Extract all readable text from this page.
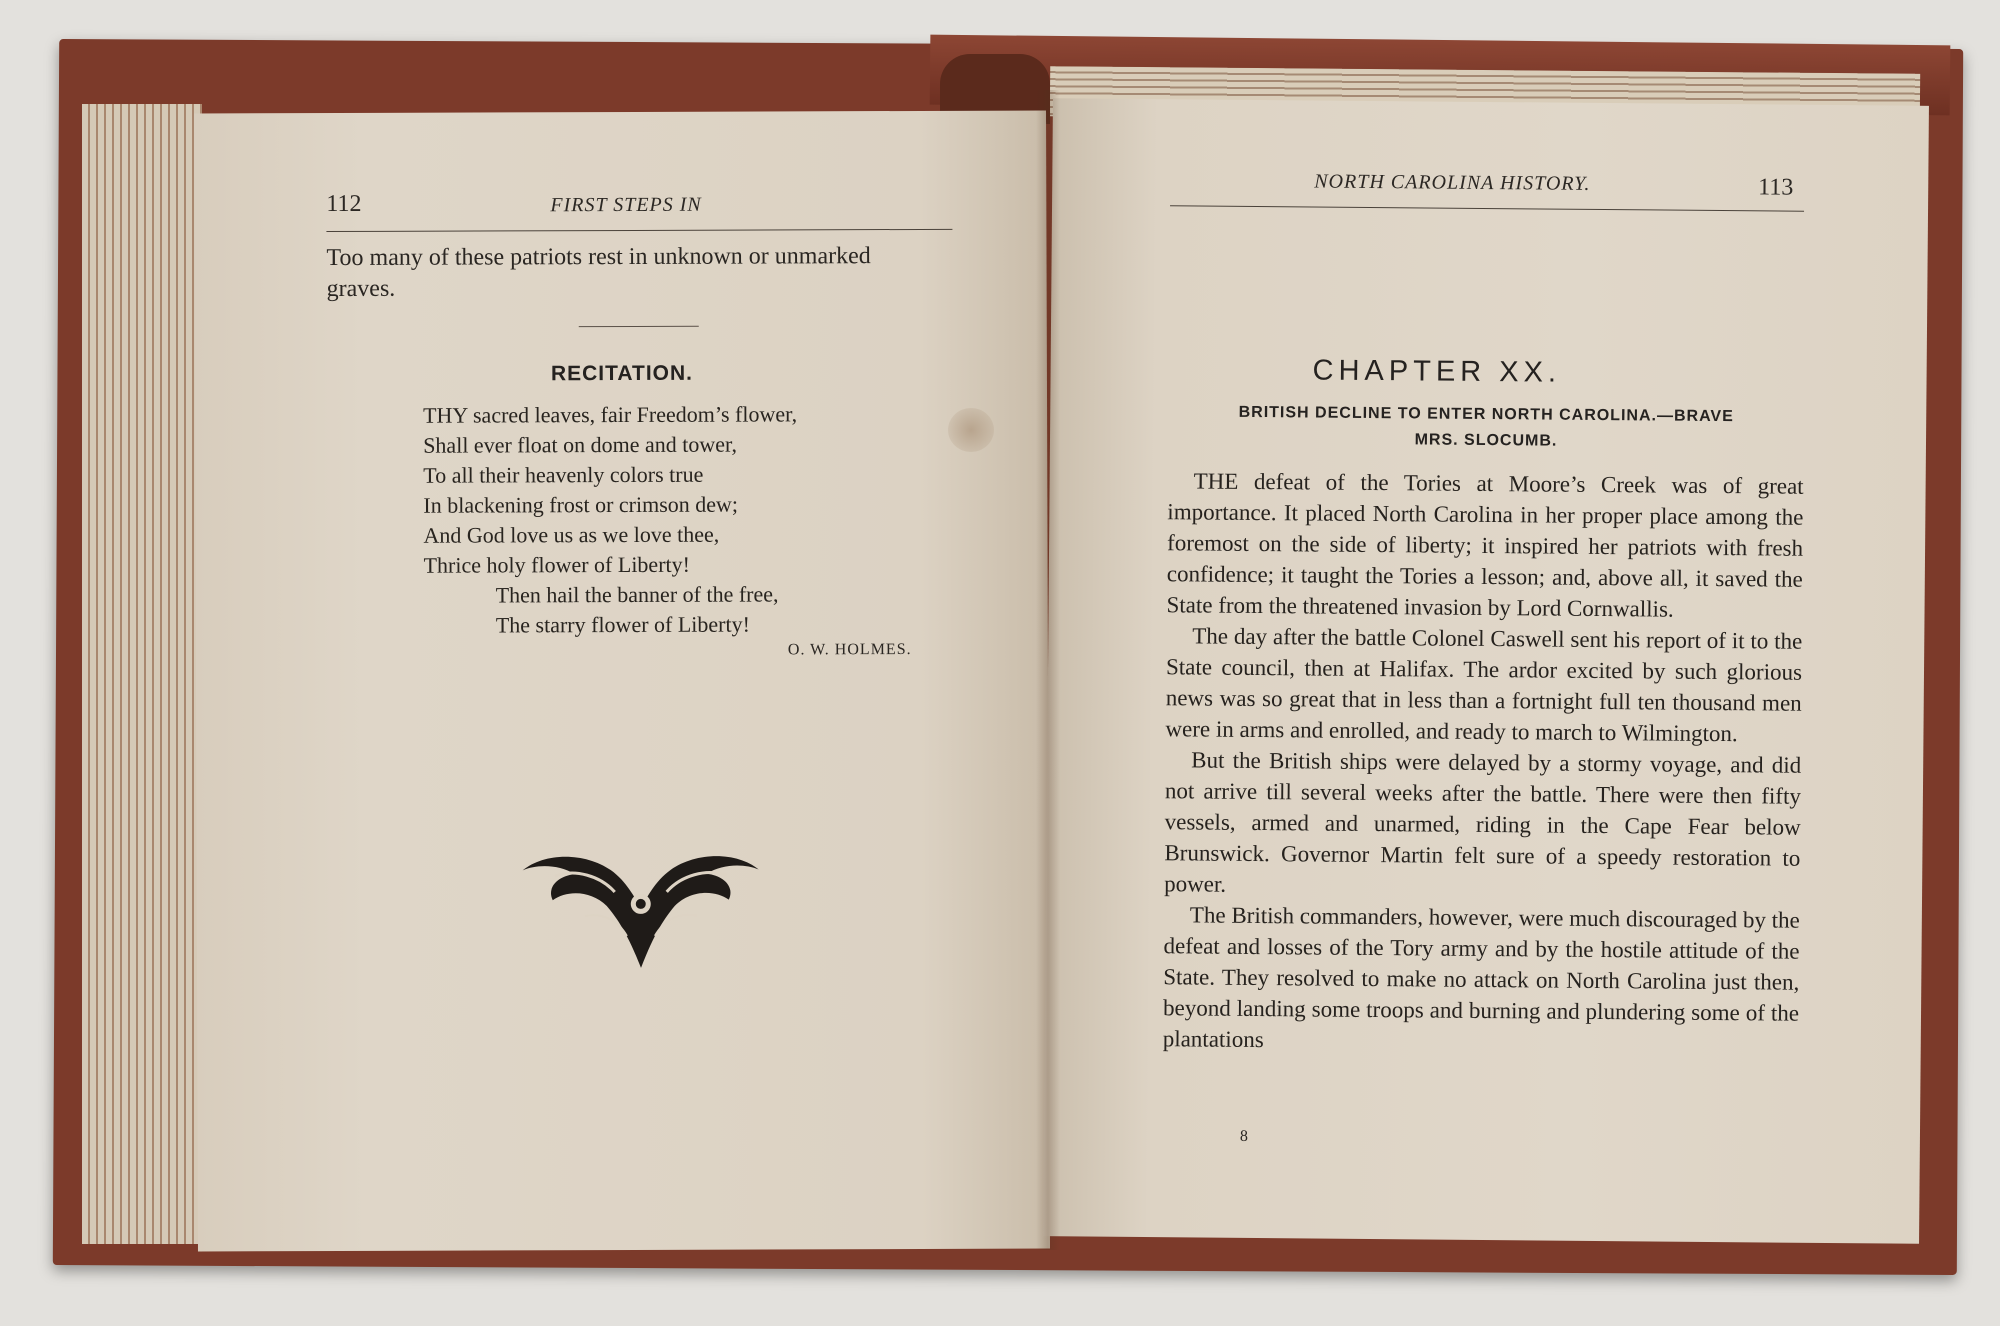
112	FIRST STEPS IN
Too many of these patriots rest in unknown or unmarked
graves.
RECITATION.
THY sacred leaves, fair Freedom’s flower,
Shall ever float on dome and tower,
To all their heavenly colors true
In blackening frost or crimson dew;
And God love us as we love thee,
Thrice holy flower of Liberty!
Then hail the banner of the free,
The starry flower of Liberty!
O. W. HOLMES.
NORTH CAROLINA HISTORY.	113
CHAPTER XX.
BRITISH DECLINE TO ENTER NORTH CAROLINA.—BRAVE
MRS. SLOCUMB.

THE defeat of the Tories at Moore’s Creek was of great importance. It placed North Carolina in her proper place among the foremost on the side of liberty; it inspired her patriots with fresh confidence; it taught the Tories a lesson; and, above all, it saved the State from the threatened invasion by Lord Cornwallis.

The day after the battle Colonel Caswell sent his report of it to the State council, then at Halifax. The ardor excited by such glorious news was so great that in less than a fortnight full ten thousand men were in arms and enrolled, and ready to march to Wilmington.

But the British ships were delayed by a stormy voyage, and did not arrive till several weeks after the battle. There were then fifty vessels, armed and unarmed, riding in the Cape Fear below Brunswick. Governor Martin felt sure of a speedy restoration to power.

The British commanders, however, were much discouraged by the defeat and losses of the Tory army and by the hostile attitude of the State. They resolved to make no attack on North Carolina just then, beyond landing some troops and burning and plundering some of the plantations

8
